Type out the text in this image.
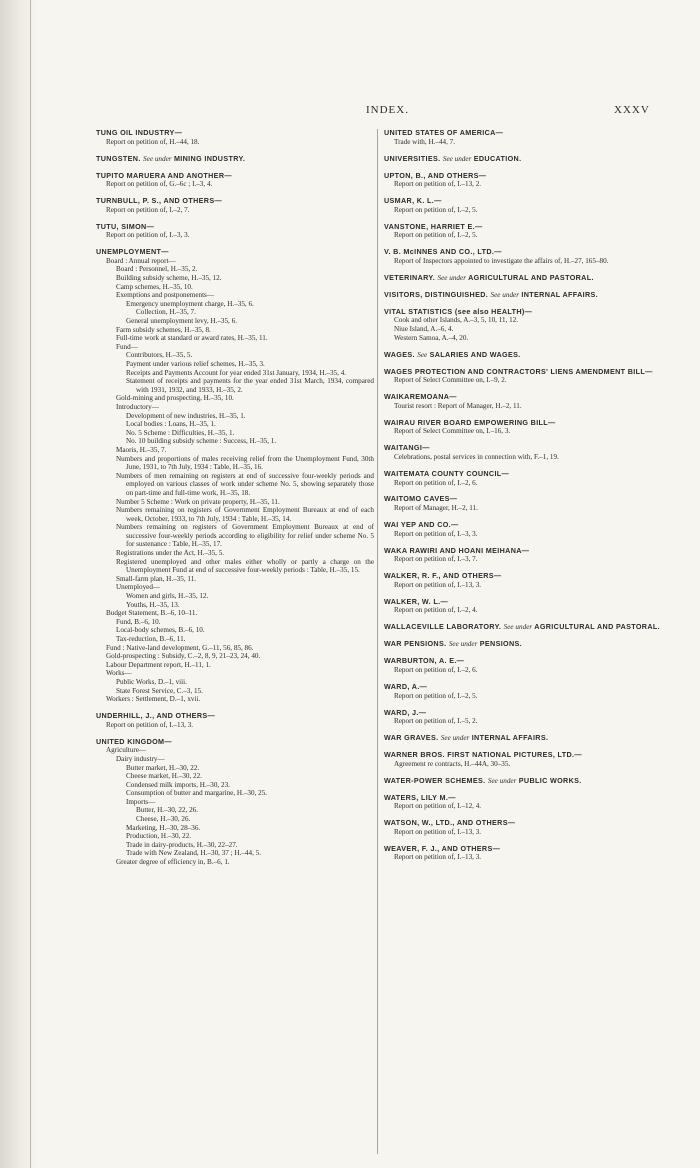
INDEX.	XXXV
TUNG OIL INDUSTRY—
Report on petition of, H.–44, 18.
TUNGSTEN. See under MINING INDUSTRY.
TUPITO MARUERA AND ANOTHER—
Report on petition of, G.–6c ; I.–3, 4.
TURNBULL, P. S., AND OTHERS—
Report on petition of, I.–2, 7.
TUTU, SIMON—
Report on petition of, I.–3, 3.
UNEMPLOYMENT—
Board : Annual report—
Board : Personnel, H.–35, 2.
Building subsidy scheme, H.–35, 12.
Camp schemes, H.–35, 10.
Exemptions and postponements—
Emergency unemployment charge, H.–35, 6.
Collection, H.–35, 7.
General unemployment levy, H.–35, 6.
Farm subsidy schemes, H.–35, 8.
Full-time work at standard or award rates, H.–35, 11.
Fund—
Contributors, H.–35, 5.
Payment under various relief schemes, H.–35, 3.
Receipts and Payments Account for year ended 31st January, 1934, H.–35, 4.
Statement of receipts and payments for the year ended 31st March, 1934, compared with 1931, 1932, and 1933, H.–35, 2.
Gold-mining and prospecting, H.–35, 10.
Introductory—
Development of new industries, H.–35, 1.
Local bodies : Loans, H.–35, 1.
No. 5 Scheme : Difficulties, H.–35, 1.
No. 10 building subsidy scheme : Success, H.–35, 1.
Maoris, H.–35, 7.
Numbers and proportions of males receiving relief from the Unemployment Fund, 30th June, 1931, to 7th July, 1934 : Table, H.–35, 16.
Numbers of men remaining on registers at end of successive four-weekly periods and employed on various classes of work under scheme No. 5, showing separately those on part-time and full-time work, H.–35, 18.
Number 5 Scheme : Work on private property, H.–35, 11.
Numbers remaining on registers of Government Employment Bureaux at end of each week, October, 1933, to 7th July, 1934 : Table, H.–35, 14.
Numbers remaining on registers of Government Employment Bureaux at end of successive four-weekly periods according to eligibility for relief under scheme No. 5 for sustenance : Table, H.–35, 17.
Registrations under the Act, H.–35, 5.
Registered unemployed and other males either wholly or partly a charge on the Unemployment Fund at end of successive four-weekly periods : Table, H.–35, 15.
Small-farm plan, H.–35, 11.
Unemployed—
Women and girls, H.–35, 12.
Youths, H.–35, 13.
Budget Statement, B.–6, 10–11.
Fund, B.–6, 10.
Local-body schemes, B.–6, 10.
Tax-reduction, B.–6, 11.
Fund : Native-land development, G.–11, 56, 85, 86.
Gold-prospecting : Subsidy, C.–2, 8, 9, 21–23, 24, 40.
Labour Department report, H.–11, 1.
Works—
Public Works, D.–1, viii.
State Forest Service, C.–3, 15.
Workers : Settlement, D.–1, xvii.
UNDERHILL, J., AND OTHERS—
Report on petition of, I.–13, 3.
UNITED KINGDOM—
Agriculture—
Dairy industry—
Butter market, H.–30, 22.
Cheese market, H.–30, 22.
Condensed milk imports, H.–30, 23.
Consumption of butter and margarine, H.–30, 25.
Imports—
Butter, H.–30, 22, 26.
Cheese, H.–30, 26.
Marketing, H.–30, 28–36.
Production, H.–30, 22.
Trade in dairy-products, H.–30, 22–27.
Trade with New Zealand, H.–30, 37 ; H.–44, 5.
Greater degree of efficiency in, B.–6, 1.
UNITED STATES OF AMERICA—
Trade with, H.–44, 7.
UNIVERSITIES. See under EDUCATION.
UPTON, B., AND OTHERS—
Report on petition of, I.–13, 2.
USMAR, K. L.—
Report on petition of, I.–2, 5.
VANSTONE, HARRIET E.—
Report on petition of, I.–2, 5.
V. B. McINNES AND CO., LTD.—
Report of Inspectors appointed to investigate the affairs of, H.–27, 165–80.
VETERINARY. See under AGRICULTURAL AND PASTORAL.
VISITORS, DISTINGUISHED. See under INTERNAL AFFAIRS.
VITAL STATISTICS (see also HEALTH)—
Cook and other Islands, A.–3, 5, 10, 11, 12.
Niue Island, A.–6, 4.
Western Samoa, A.–4, 20.
WAGES. See SALARIES AND WAGES.
WAGES PROTECTION AND CONTRACTORS' LIENS AMENDMENT BILL—
Report of Select Committee on, I.–9, 2.
WAIKAREMOANA—
Tourist resort : Report of Manager, H.–2, 11.
WAIRAU RIVER BOARD EMPOWERING BILL—
Report of Select Committee on, I.–16, 3.
WAITANGI—
Celebrations, postal services in connection with, F.–1, 19.
WAITEMATA COUNTY COUNCIL—
Report on petition of, I.–2, 6.
WAITOMO CAVES—
Report of Manager, H.–2, 11.
WAI YEP AND CO.—
Report on petition of, I.–3, 3.
WAKA RAWIRI AND HOANI MEIHANA—
Report on petition of, I.–3, 7.
WALKER, R. F., AND OTHERS—
Report on petition of, I.–13, 3.
WALKER, W. L.—
Report on petition of, I.–2, 4.
WALLACEVILLE LABORATORY. See under AGRICULTURAL AND PASTORAL.
WAR PENSIONS. See under PENSIONS.
WARBURTON, A. E.—
Report on petition of, I.–2, 6.
WARD, A.—
Report on petition of, I.–2, 5.
WARD, J.—
Report on petition of, I.–5, 2.
WAR GRAVES. See under INTERNAL AFFAIRS.
WARNER BROS. FIRST NATIONAL PICTURES, LTD.—
Agreement re contracts, H.–44A, 30–35.
WATER-POWER SCHEMES. See under PUBLIC WORKS.
WATERS, LILY M.—
Report on petition of, I.–12, 4.
WATSON, W., LTD., AND OTHERS—
Report on petition of, I.–13, 3.
WEAVER, F. J., AND OTHERS—
Report on petition of, I.–13, 3.
